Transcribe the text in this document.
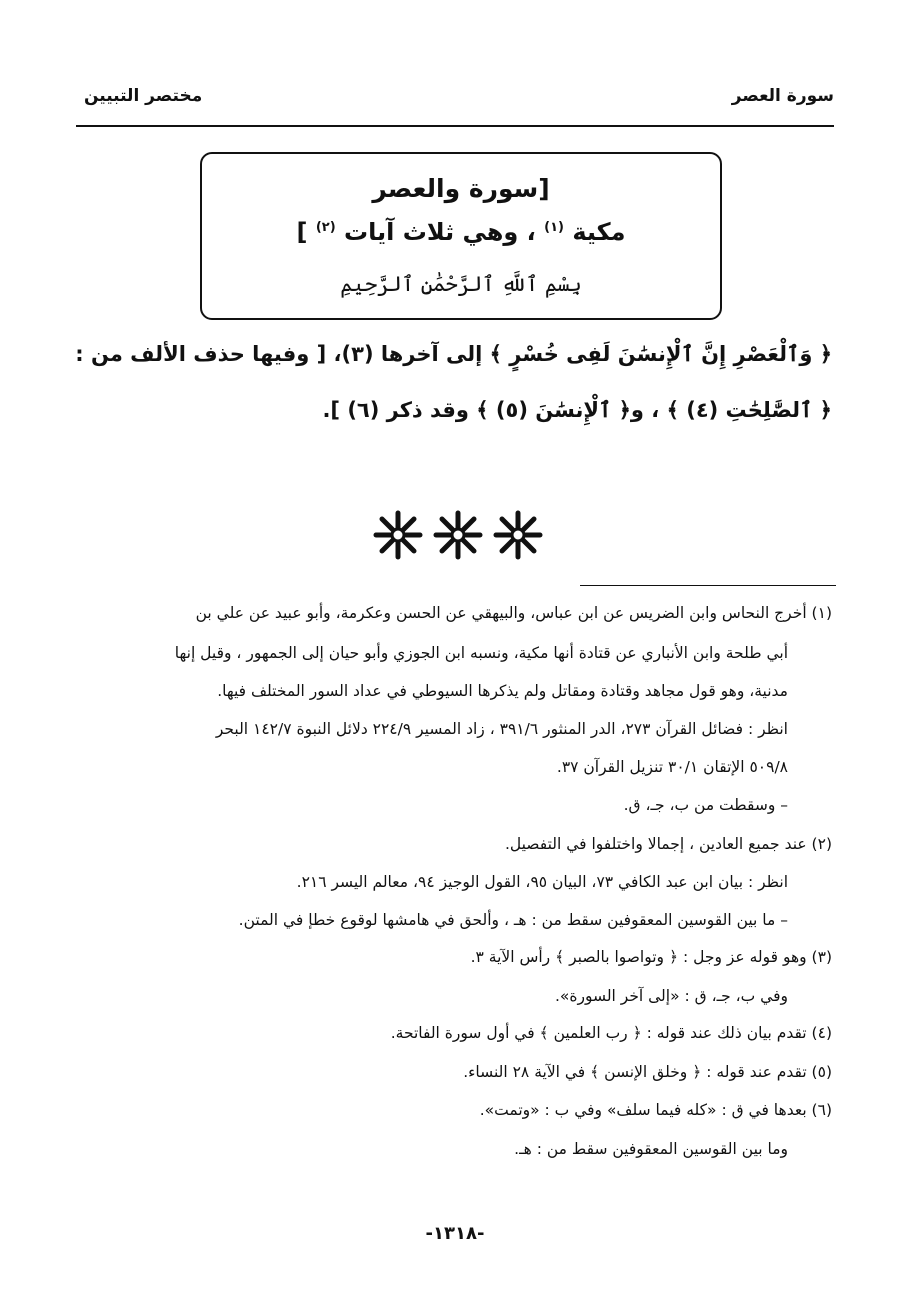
سورة العصر
مختصر التبيين
[سورة والعصر
مكية $^{(١)}$ ، وهي ثلاث آيات $^{(٢)}$ ]
بِسْمِ ٱللَّهِ ٱلرَّحْمَٰنِ ٱلرَّحِيمِ
﴿ وَٱلْعَصْرِ إِنَّ ٱلْإِنسَٰنَ لَفِى خُسْرٍ ﴾ إلى آخرها (٣)، [ وفيها حذف الألف من :
﴿ ٱلصَّٰلِحَٰتِ (٤) ﴾ ، و﴿ ٱلْإِنسَٰنَ (٥) ﴾ وقد ذكر (٦) ].
(١) أخرج النحاس وابن الضريس عن ابن عباس، والبيهقي عن الحسن وعكرمة، وأبو عبيد عن علي بن
أبي طلحة وابن الأنباري عن قتادة أنها مكية، ونسبه ابن الجوزي وأبو حيان إلى الجمهور ، وقيل إنها
مدنية، وهو قول مجاهد وقتادة ومقاتل ولم يذكرها السيوطي في عداد السور المختلف فيها.
انظر : فضائل القرآن ٢٧٣، الدر المنثور ٣٩١/٦ ، زاد المسير ٢٢٤/٩ دلائل النبوة ١٤٢/٧ البحر
٥٠٩/٨ الإتقان ٣٠/١ تنزيل القرآن ٣٧.
– وسقطت من ب، جـ، ق.
(٢) عند جميع العادين ، إجمالا واختلفوا في التفصيل.
انظر : بيان ابن عبد الكافي ٧٣، البيان ٩٥، القول الوجيز ٩٤، معالم اليسر ٢١٦.
– ما بين القوسين المعقوفين سقط من : هـ ، وألحق في هامشها لوقوع خطإ في المتن.
(٣) وهو قوله عز وجل : ﴿ وتواصوا بالصبر ﴾ رأس الآية ٣.
وفي ب، جـ، ق : «إلى آخر السورة».
(٤) تقدم بيان ذلك عند قوله : ﴿ رب العلمين ﴾ في أول سورة الفاتحة.
(٥) تقدم عند قوله : ﴿ وخلق الإنسن ﴾ في الآية ٢٨ النساء.
(٦) بعدها في ق : «كله فيما سلف» وفي ب : «وتمت».
وما بين القوسين المعقوفين سقط من : هـ.
-١٣١٨-
